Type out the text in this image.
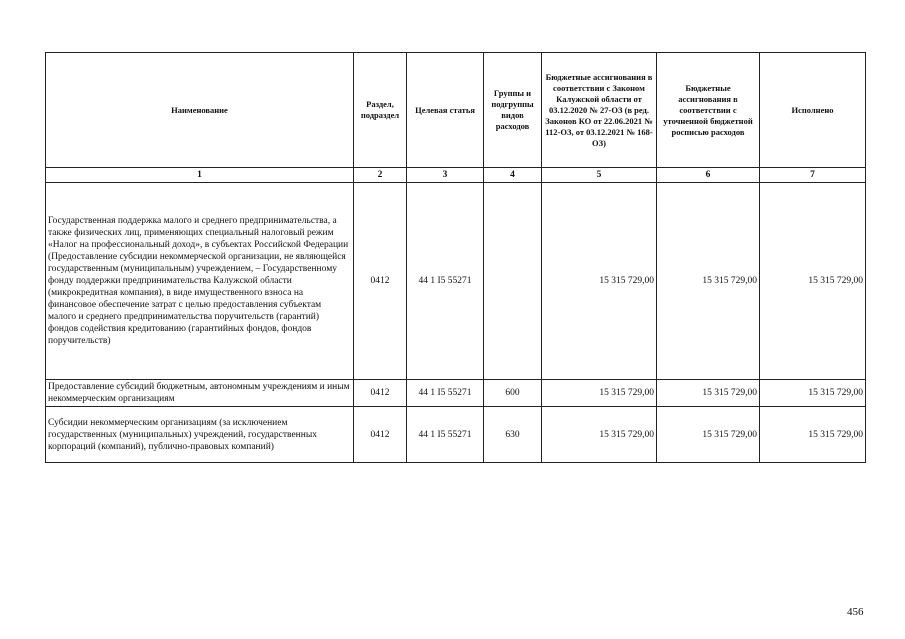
Наименование	Раздел, подраздел	Целевая статья	Группы и подгруппы видов расходов	Бюджетные ассигнования в соответствии с Законом Калужской области от 03.12.2020 № 27-ОЗ (в ред. Законов КО от 22.06.2021 № 112-ОЗ, от 03.12.2021 № 168-ОЗ)	Бюджетные ассигнования в соответствии с уточненной бюджетной росписью расходов	Исполнено
1	2	3	4	5	6	7
Государственная поддержка малого и среднего предпринимательства, а также физических лиц, применяющих специальный налоговый режим «Налог на профессиональный доход», в субъектах Российской Федерации (Предоставление субсидии некоммерческой организации, не являющейся государственным (муниципальным) учреждением, – Государственному фонду поддержки предпринимательства Калужской области (микрокредитная компания), в виде имущественного взноса на финансовое обеспечение затрат с целью предоставления субъектам малого и среднего предпринимательства поручительств (гарантий) фондов содействия кредитованию (гарантийных фондов, фондов поручительств)	0412	44 1 I5 55271		15 315 729,00	15 315 729,00	15 315 729,00
Предоставление субсидий бюджетным, автономным учреждениям и иным некоммерческим организациям	0412	44 1 I5 55271	600	15 315 729,00	15 315 729,00	15 315 729,00
Субсидии некоммерческим организациям (за исключением государственных (муниципальных) учреждений, государственных корпораций (компаний), публично-правовых компаний)	0412	44 1 I5 55271	630	15 315 729,00	15 315 729,00	15 315 729,00
456
